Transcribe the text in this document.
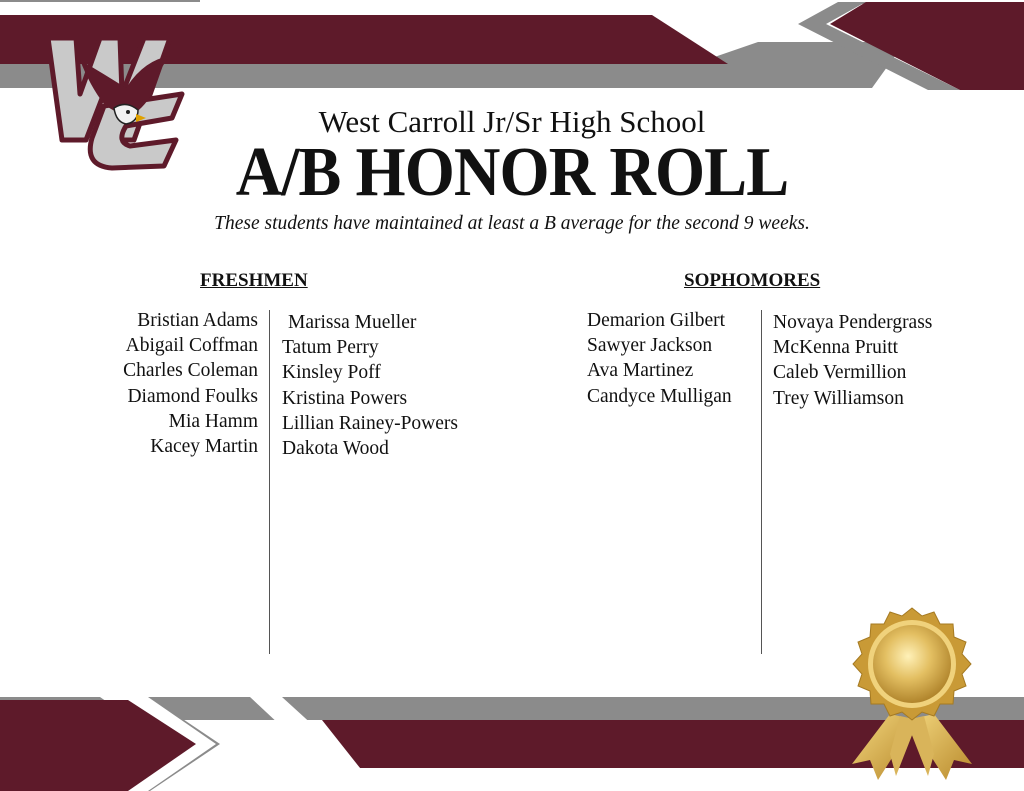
West Carroll Jr/Sr High School
A/B HONOR ROLL
These students have maintained at least a B average for the second 9 weeks.
FRESHMEN
Bristian Adams
Abigail Coffman
Charles Coleman
Diamond Foulks
Mia Hamm
Kacey Martin
Marissa Mueller
Tatum Perry
Kinsley Poff
Kristina Powers
Lillian Rainey-Powers
Dakota Wood
SOPHOMORES
Demarion Gilbert
Sawyer Jackson
Ava Martinez
Candyce Mulligan
Novaya Pendergrass
McKenna Pruitt
Caleb Vermillion
Trey Williamson
